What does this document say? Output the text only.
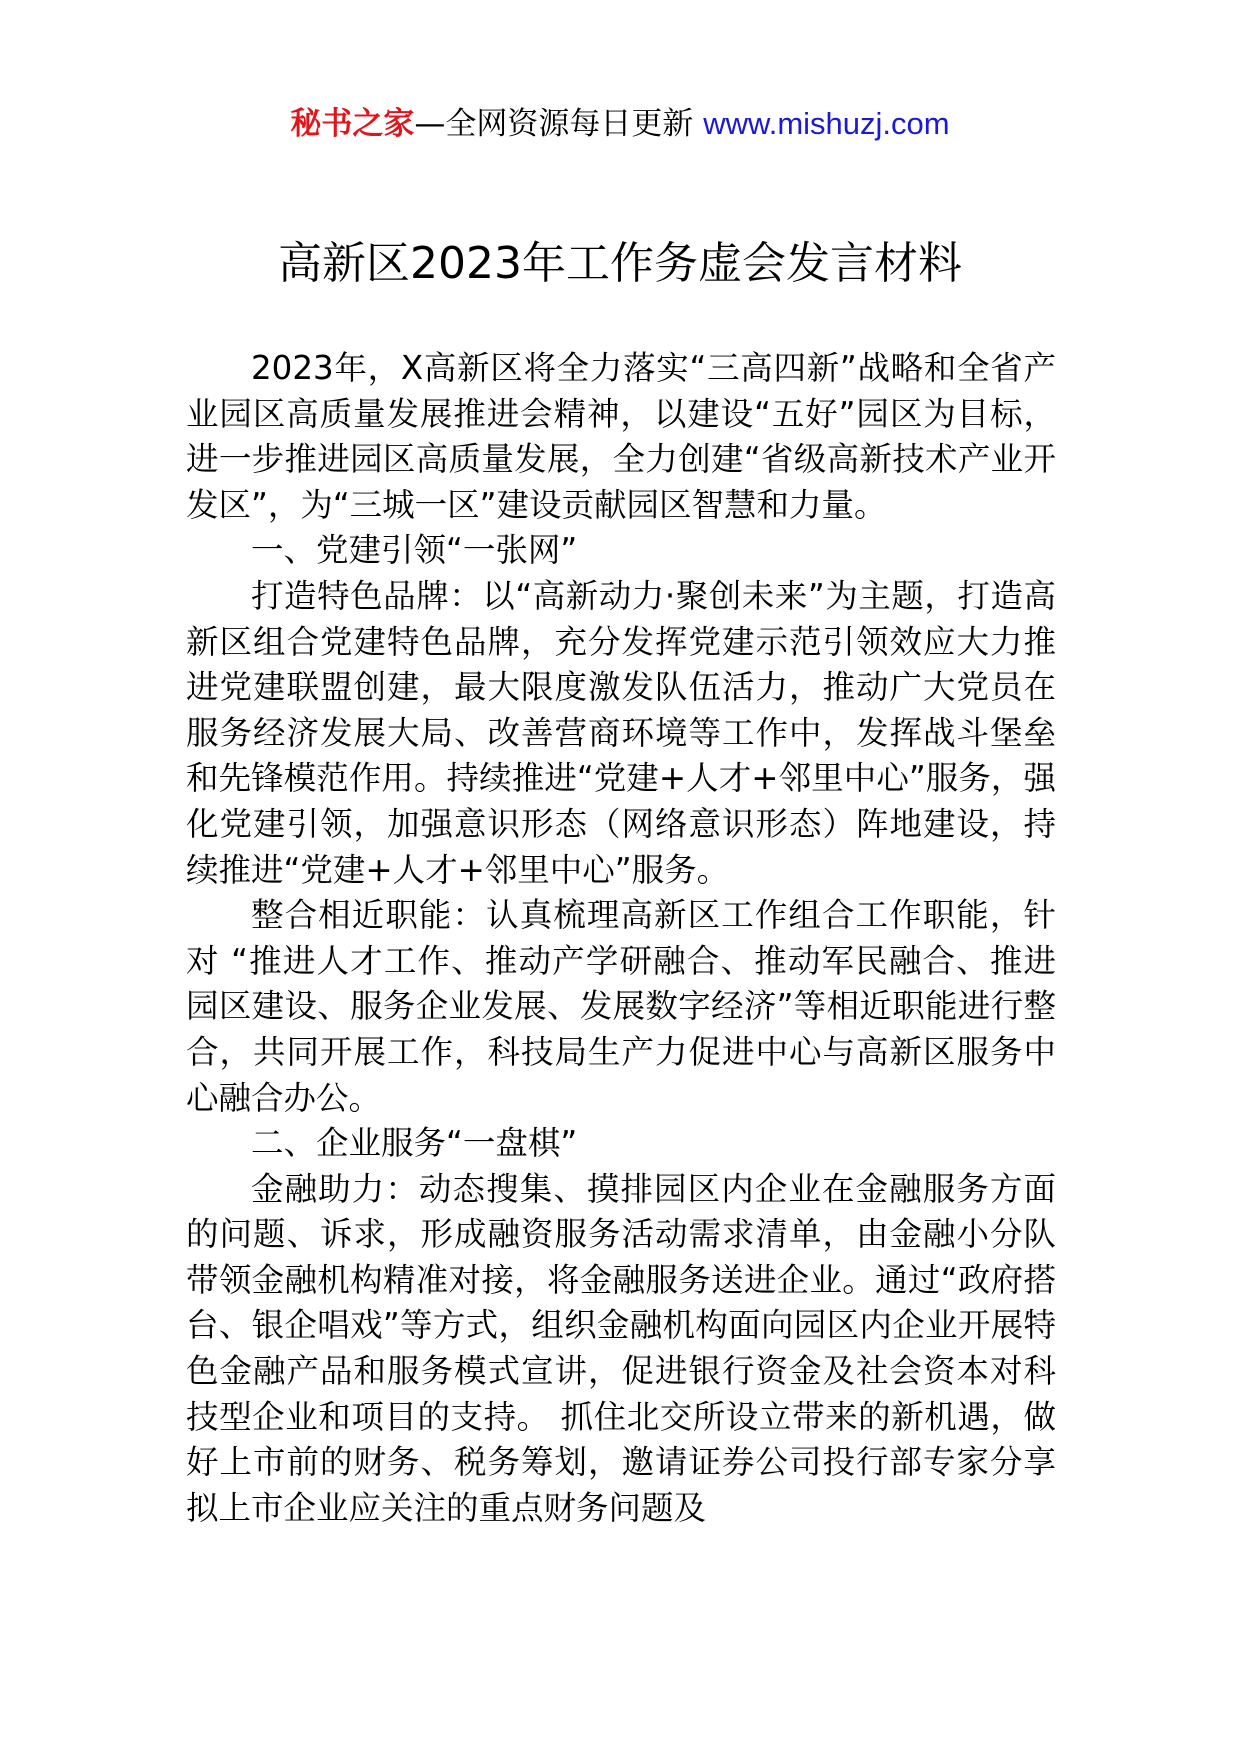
秘书之家—全网资源每日更新 www.mishuzj.com
高新区2023年工作务虚会发言材料

2023年，X高新区将全力落实“三高四新”战略和全省产业园区高质量发展推进会精神，以建设“五好”园区为目标，进一步推进园区高质量发展，全力创建“省级高新技术产业开发区”，为“三城一区”建设贡献园区智慧和力量。

一、党建引领“一张网”

打造特色品牌：以“高新动力·聚创未来”为主题，打造高新区组合党建特色品牌，充分发挥党建示范引领效应大力推进党建联盟创建，最大限度激发队伍活力，推动广大党员在服务经济发展大局、改善营商环境等工作中，发挥战斗堡垒和先锋模范作用。持续推进“党建+人才+邻里中心”服务，强化党建引领，加强意识形态（网络意识形态）阵地建设，持续推进“党建+人才+邻里中心”服务。

整合相近职能：认真梳理高新区工作组合工作职能，针对 “推进人才工作、推动产学研融合、推动军民融合、推进园区建设、服务企业发展、发展数字经济”等相近职能进行整合，共同开展工作，科技局生产力促进中心与高新区服务中心融合办公。

二、企业服务“一盘棋”

金融助力：动态搜集、摸排园区内企业在金融服务方面的问题、诉求，形成融资服务活动需求清单，由金融小分队带领金融机构精准对接，将金融服务送进企业。通过“政府搭台、银企唱戏”等方式，组织金融机构面向园区内企业开展特色金融产品和服务模式宣讲，促进银行资金及社会资本对科技型企业和项目的支持。 抓住北交所设立带来的新机遇，做好上市前的财务、税务筹划，邀请证券公司投行部专家分享拟上市企业应关注的重点财务问题及
